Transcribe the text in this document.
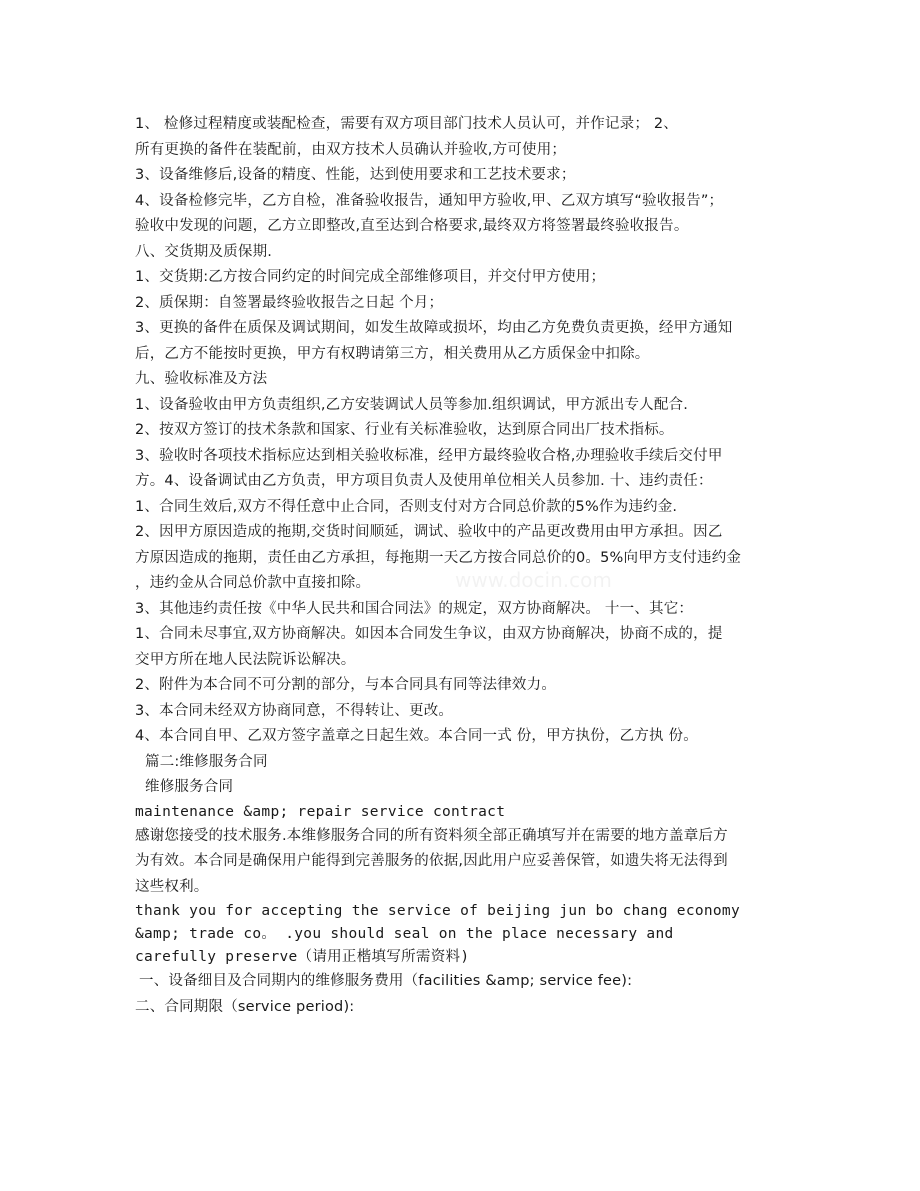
www.docin.com
1、 检修过程精度或装配检查，需要有双方项目部门技术人员认可，并作记录； 2、
所有更换的备件在装配前，由双方技术人员确认并验收,方可使用；
3、设备维修后,设备的精度、性能，达到使用要求和工艺技术要求；
4、设备检修完毕，乙方自检，准备验收报告，通知甲方验收,甲、乙双方填写“验收报告”；
验收中发现的问题，乙方立即整改,直至达到合格要求,最终双方将签署最终验收报告。
八、交货期及质保期.
1、交货期:乙方按合同约定的时间完成全部维修项目，并交付甲方使用；
2、质保期：自签署最终验收报告之日起 个月；
3、更换的备件在质保及调试期间，如发生故障或损坏，均由乙方免费负责更换，经甲方通知
后，乙方不能按时更换，甲方有权聘请第三方，相关费用从乙方质保金中扣除。
九、验收标准及方法
1、设备验收由甲方负责组织,乙方安装调试人员等参加.组织调试，甲方派出专人配合.
2、按双方签订的技术条款和国家、行业有关标准验收，达到原合同出厂技术指标。
3、验收时各项技术指标应达到相关验收标准，经甲方最终验收合格,办理验收手续后交付甲
方。4、设备调试由乙方负责，甲方项目负责人及使用单位相关人员参加. 十、违约责任：
1、合同生效后,双方不得任意中止合同，否则支付对方合同总价款的5%作为违约金.
2、因甲方原因造成的拖期,交货时间顺延，调试、验收中的产品更改费用由甲方承担。因乙
方原因造成的拖期，责任由乙方承担，每拖期一天乙方按合同总价的0。5%向甲方支付违约金
，违约金从合同总价款中直接扣除。
3、其他违约责任按《中华人民共和国合同法》的规定，双方协商解决。 十一、其它：
1、合同未尽事宜,双方协商解决。如因本合同发生争议，由双方协商解决，协商不成的，提
交甲方所在地人民法院诉讼解决。
2、附件为本合同不可分割的部分，与本合同具有同等法律效力。
3、本合同未经双方协商同意，不得转让、更改。
4、本合同自甲、乙双方签字盖章之日起生效。本合同一式 份，甲方执份，乙方执 份。
篇二:维修服务合同
维修服务合同
maintenance &amp; repair service contract
感谢您接受的技术服务.本维修服务合同的所有资料须全部正确填写并在需要的地方盖章后方
为有效。本合同是确保用户能得到完善服务的依据,因此用户应妥善保管，如遗失将无法得到
这些权利。
thank you for accepting the service of beijing jun bo chang economy
&amp; trade co。 .you should seal on the place necessary and
carefully preserve（请用正楷填写所需资料)
一、设备细目及合同期内的维修服务费用（facilities &amp; service fee):
二、合同期限（service period):
